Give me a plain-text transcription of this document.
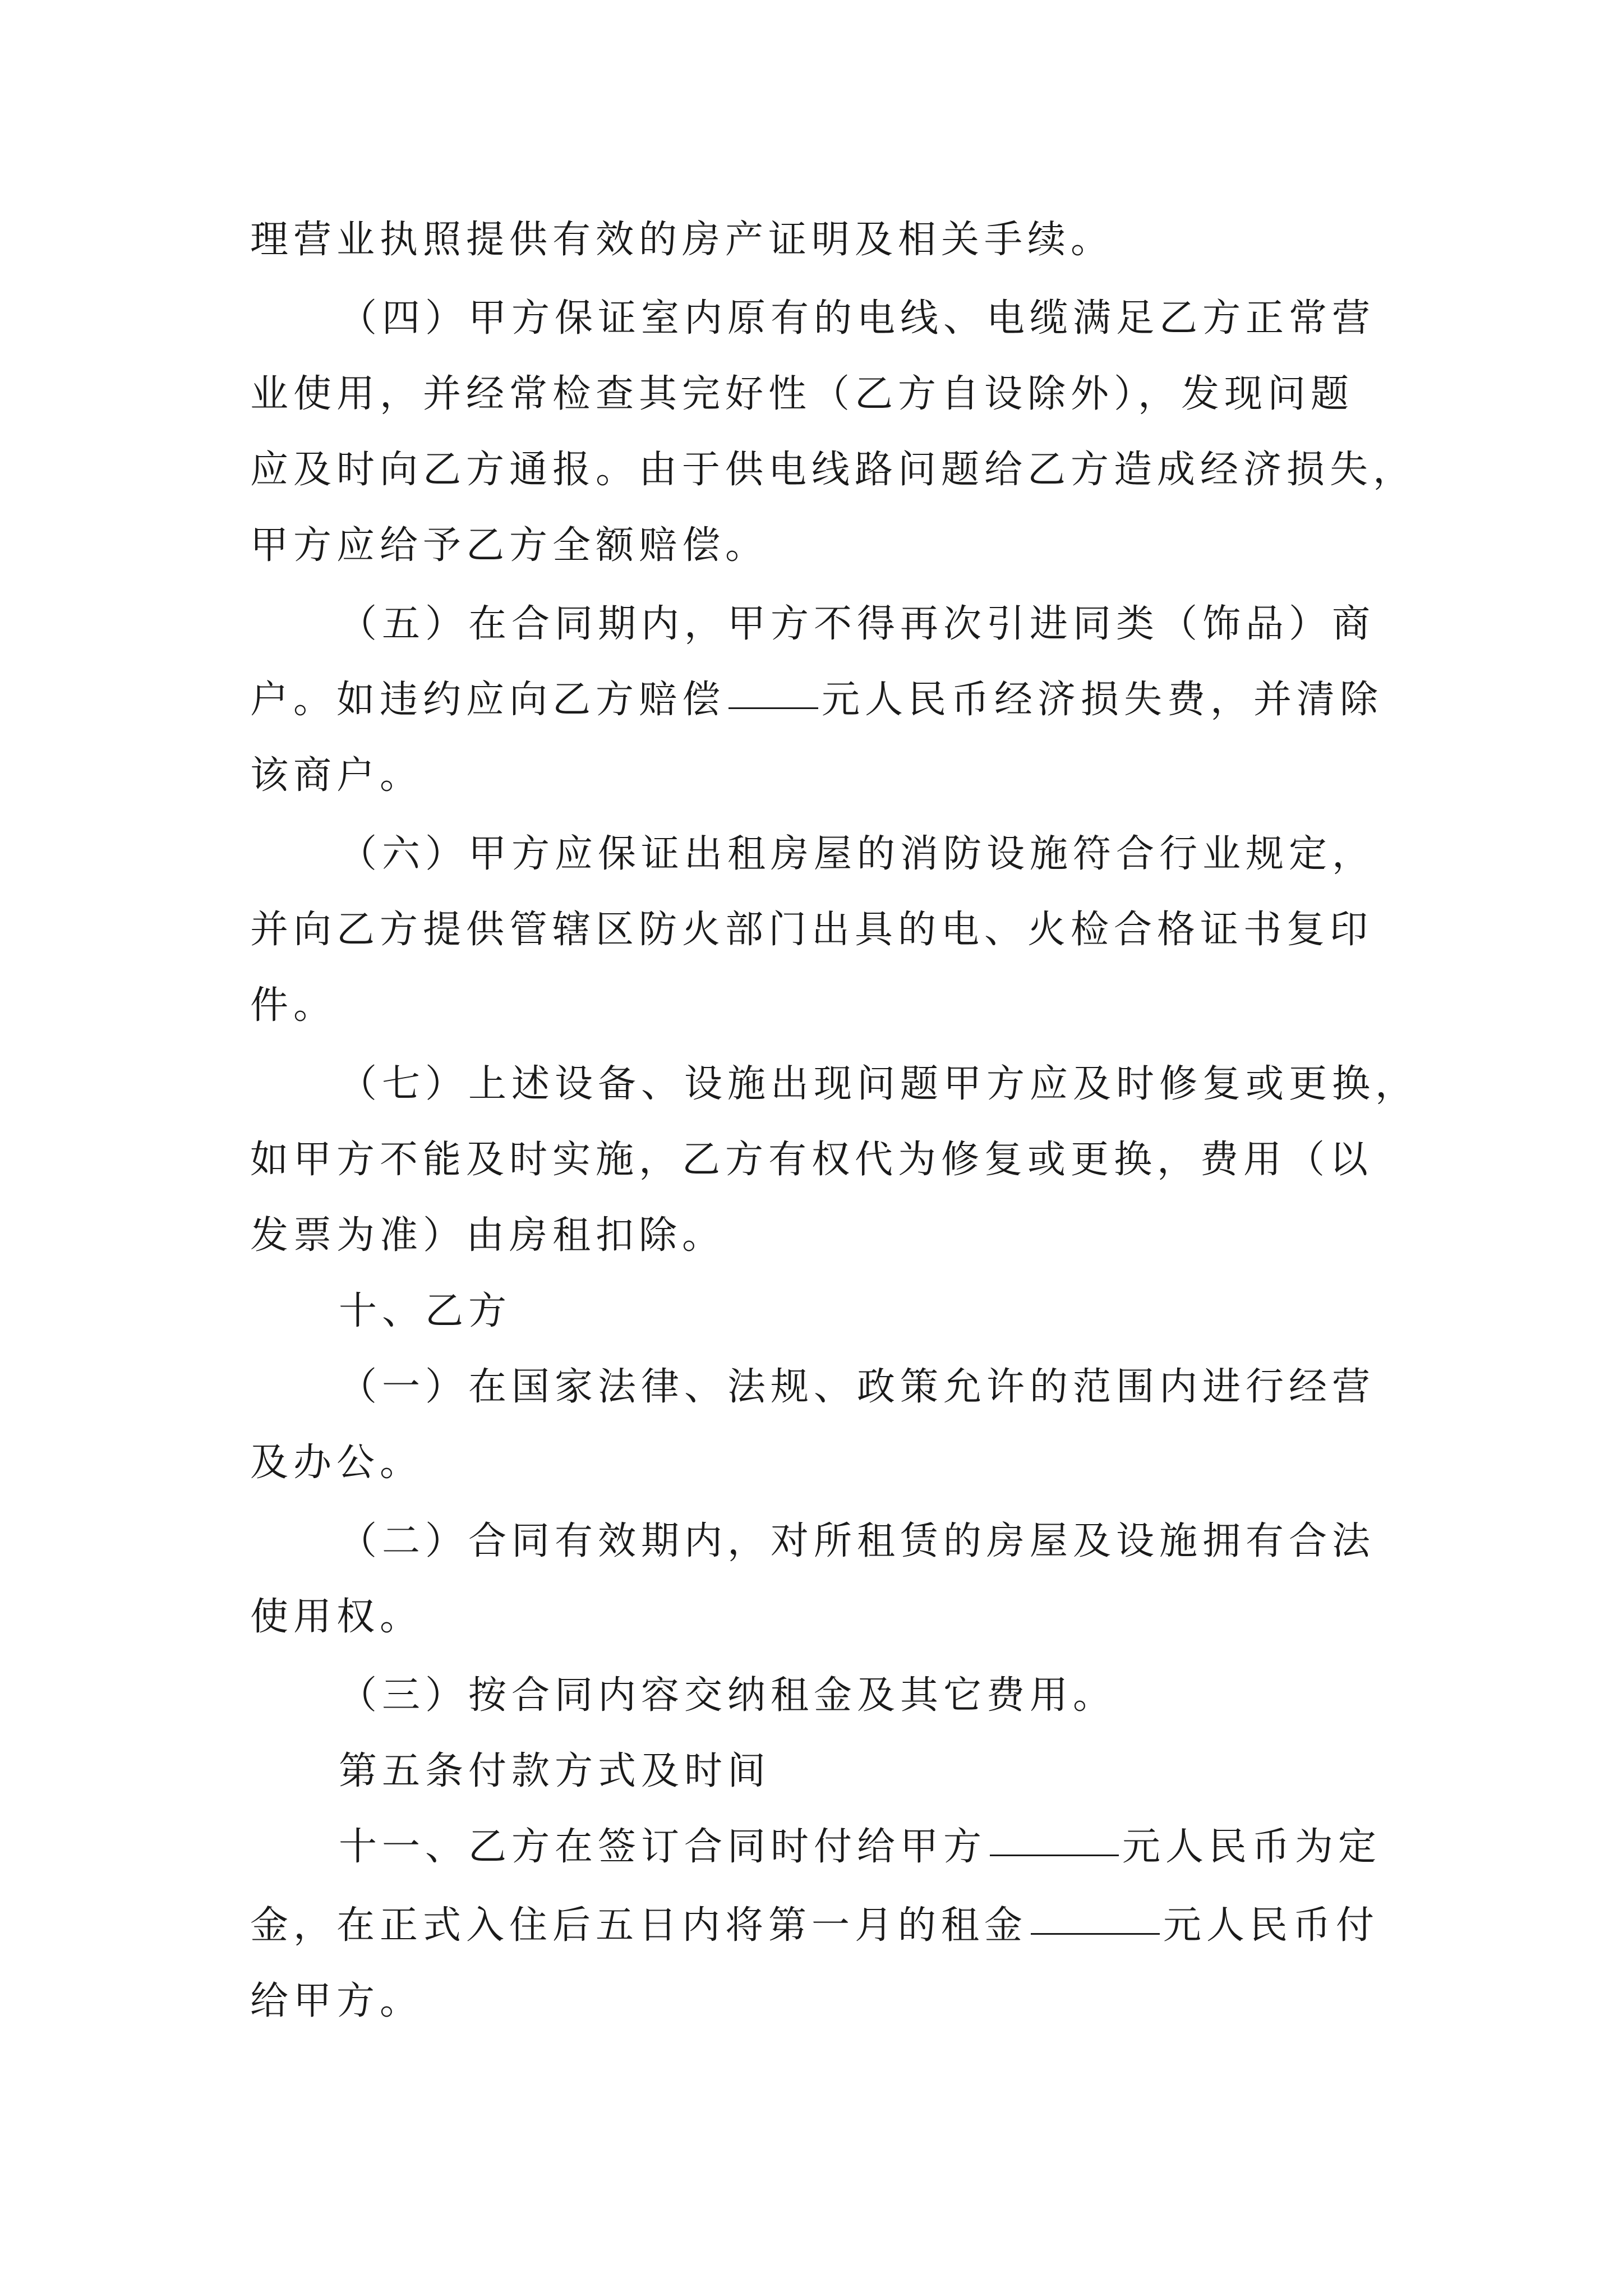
理营业执照提供有效的房产证明及相关手续。

（四）甲方保证室内原有的电线、电缆满足乙方正常营

业使用，并经常检查其完好性（乙方自设除外），发现问题

应及时向乙方通报。由于供电线路问题给乙方造成经济损失，

甲方应给予乙方全额赔偿。

（五）在合同期内，甲方不得再次引进同类（饰品）商

户。如违约应向乙方赔偿	元人民币经济损失费，并清除

该商户。

（六）甲方应保证出租房屋的消防设施符合行业规定，

并向乙方提供管辖区防火部门出具的电、火检合格证书复印

件。

（七）上述设备、设施出现问题甲方应及时修复或更换，

如甲方不能及时实施，乙方有权代为修复或更换，费用（以

发票为准）由房租扣除。

十、乙方

（一）在国家法律、法规、政策允许的范围内进行经营

及办公。

（二）合同有效期内，对所租赁的房屋及设施拥有合法

使用权。

（三）按合同内容交纳租金及其它费用。

第五条付款方式及时间

十一、乙方在签订合同时付给甲方	元人民币为定

金，在正式入住后五日内将第一月的租金	元人民币付

给甲方。
